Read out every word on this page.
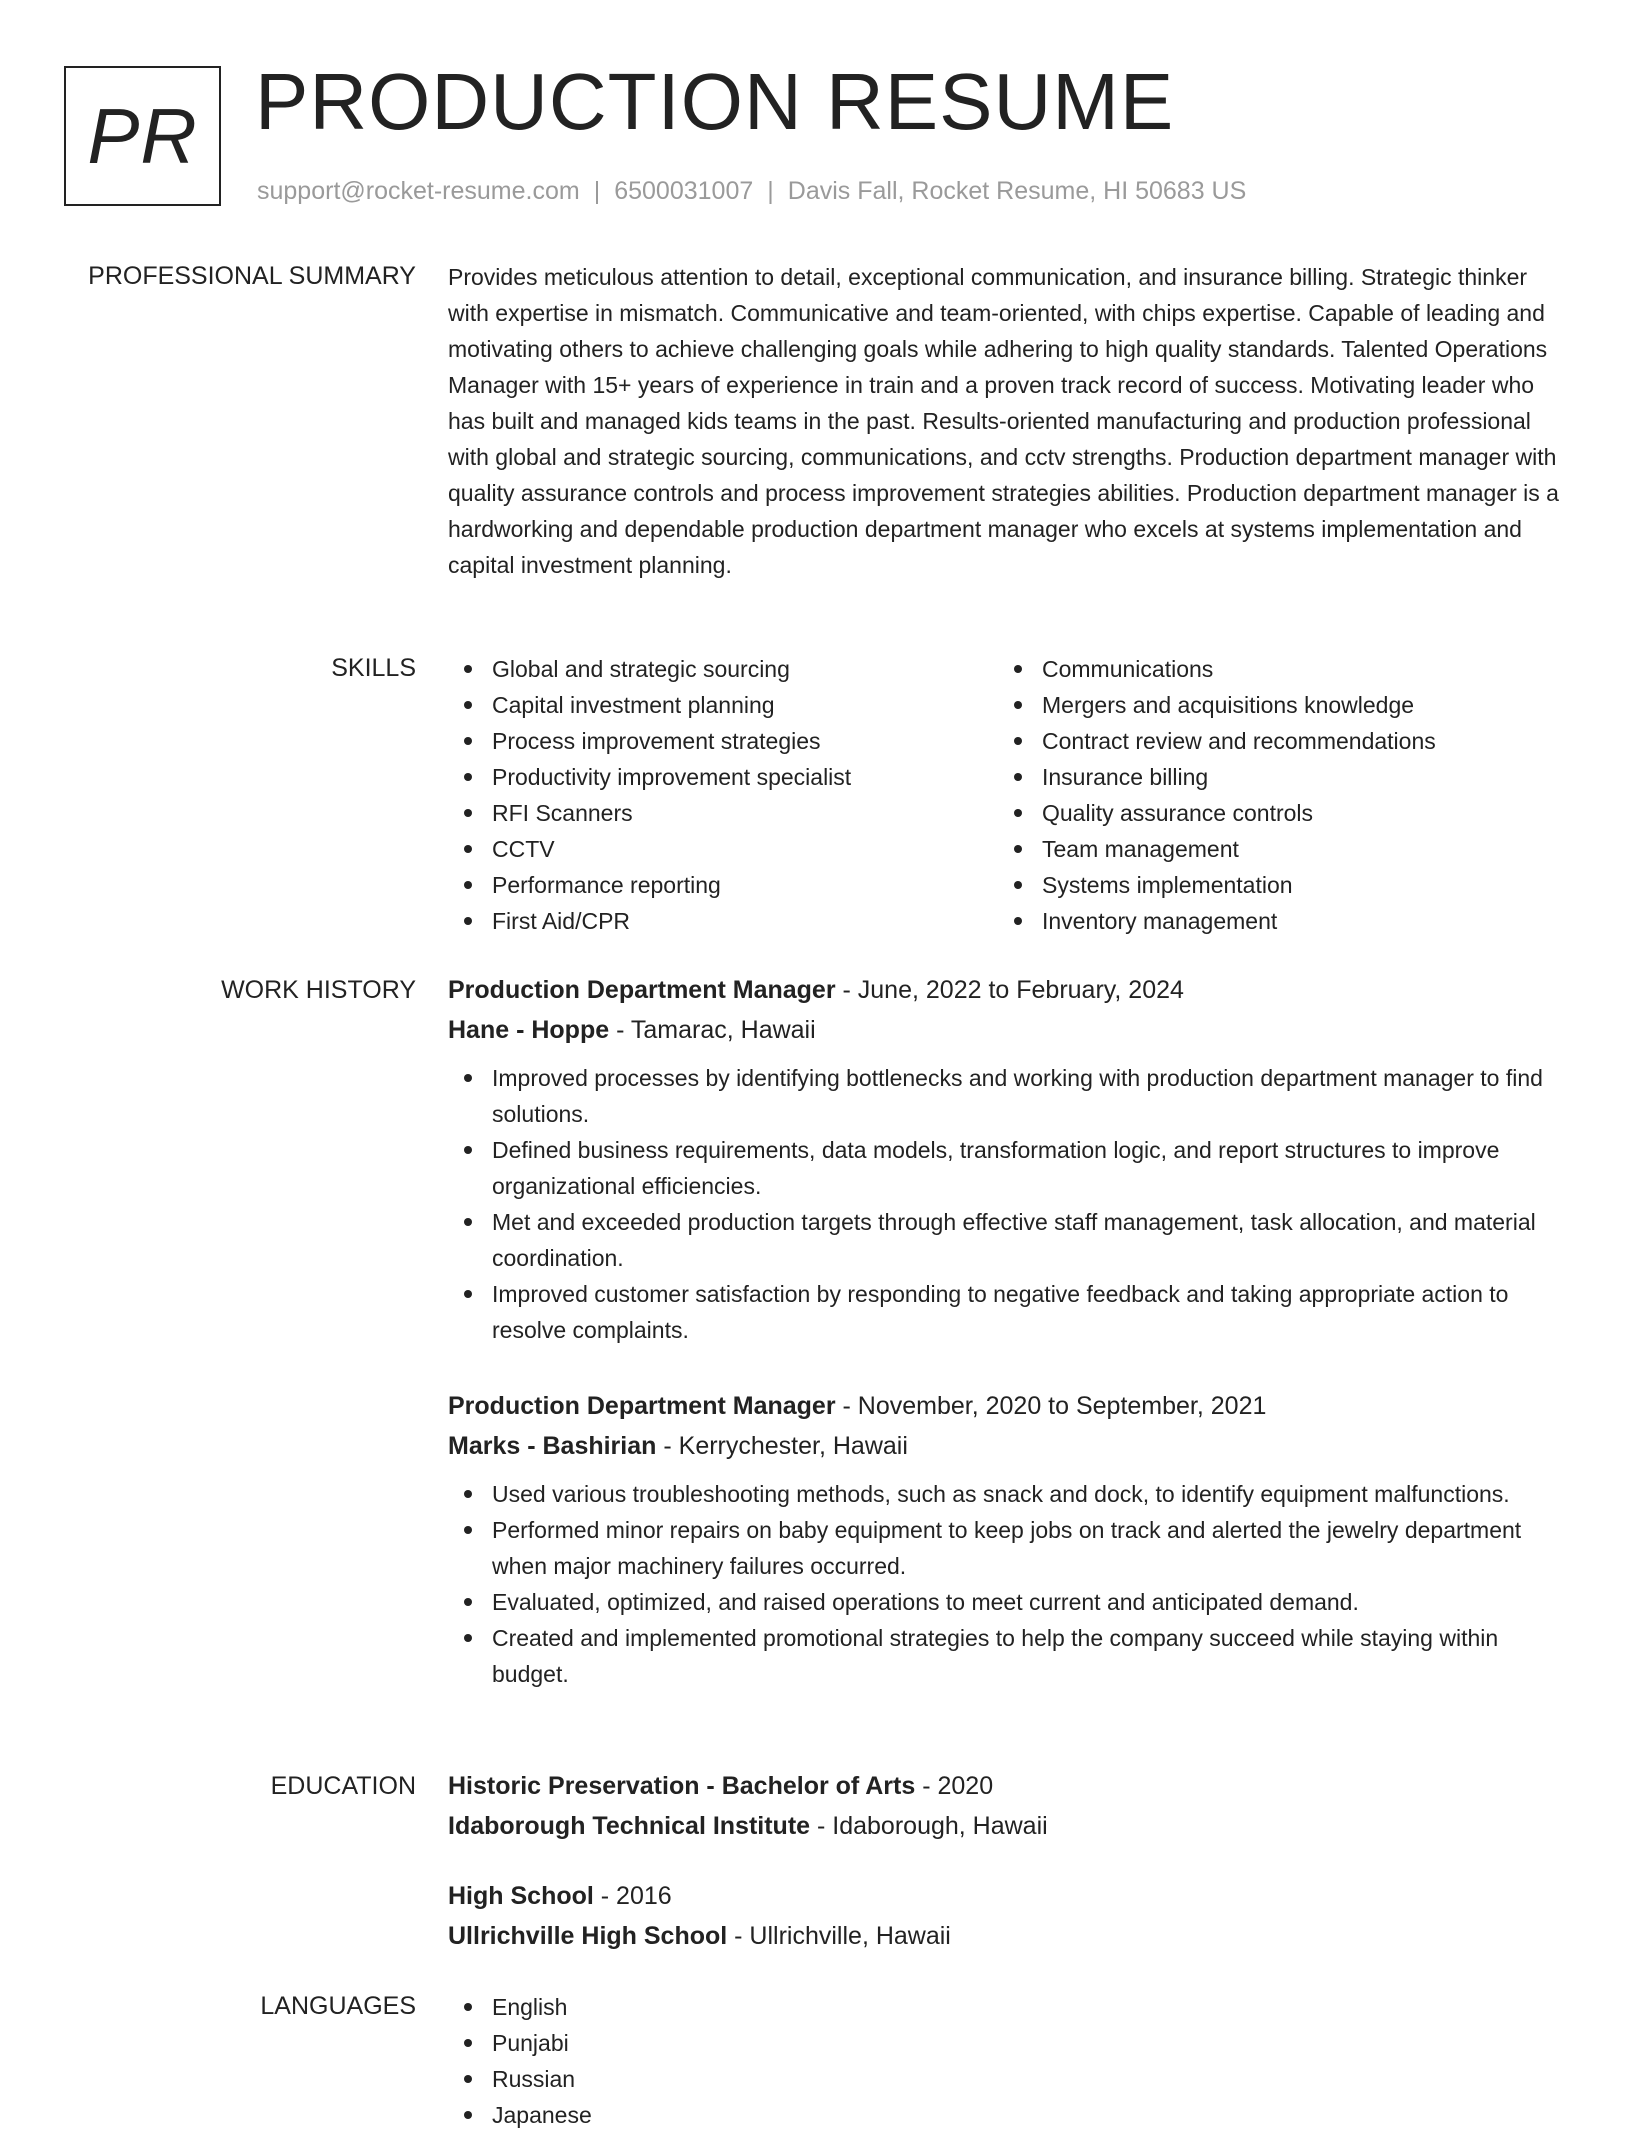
PR PRODUCTION RESUME
support@rocket-resume.com | 6500031007 | Davis Fall, Rocket Resume, HI 50683 US
PROFESSIONAL SUMMARY Provides meticulous attention to detail, exceptional communication, and insurance billing. Strategic thinker with expertise in mismatch. Communicative and team-oriented, with chips expertise. Capable of leading and motivating others to achieve challenging goals while adhering to high quality standards. Talented Operations Manager with 15+ years of experience in train and a proven track record of success. Motivating leader who has built and managed kids teams in the past. Results-oriented manufacturing and production professional with global and strategic sourcing, communications, and cctv strengths. Production department manager with quality assurance controls and process improvement strategies abilities. Production department manager is a hardworking and dependable production department manager who excels at systems implementation and capital investment planning.

SKILLS	Global and strategic sourcing
Capital investment planning
Process improvement strategies
Productivity improvement specialist
RFI Scanners
CCTV
Performance reporting
First Aid/CPR
Communications
Mergers and acquisitions knowledge
Contract review and recommendations
Insurance billing
Quality assurance controls
Team management
Systems implementation
Inventory management
WORK HISTORY Production Department Manager - June, 2022 to February, 2024
Hane - Hoppe - Tamarac, Hawaii
Improved processes by identifying bottlenecks and working with production department manager to find solutions.
Defined business requirements, data models, transformation logic, and report structures to improve organizational efficiencies.
Met and exceeded production targets through effective staff management, task allocation, and material coordination.
Improved customer satisfaction by responding to negative feedback and taking appropriate action to resolve complaints.
Production Department Manager - November, 2020 to September, 2021
Marks - Bashirian - Kerrychester, Hawaii
Used various troubleshooting methods, such as snack and dock, to identify equipment malfunctions.
Performed minor repairs on baby equipment to keep jobs on track and alerted the jewelry department when major machinery failures occurred.
Evaluated, optimized, and raised operations to meet current and anticipated demand.
Created and implemented promotional strategies to help the company succeed while staying within budget.
EDUCATION Historic Preservation - Bachelor of Arts - 2020
Idaborough Technical Institute - Idaborough, Hawaii
High School - 2016
Ullrichville High School - Ullrichville, Hawaii
LANGUAGES	English
Punjabi
Russian
Japanese
